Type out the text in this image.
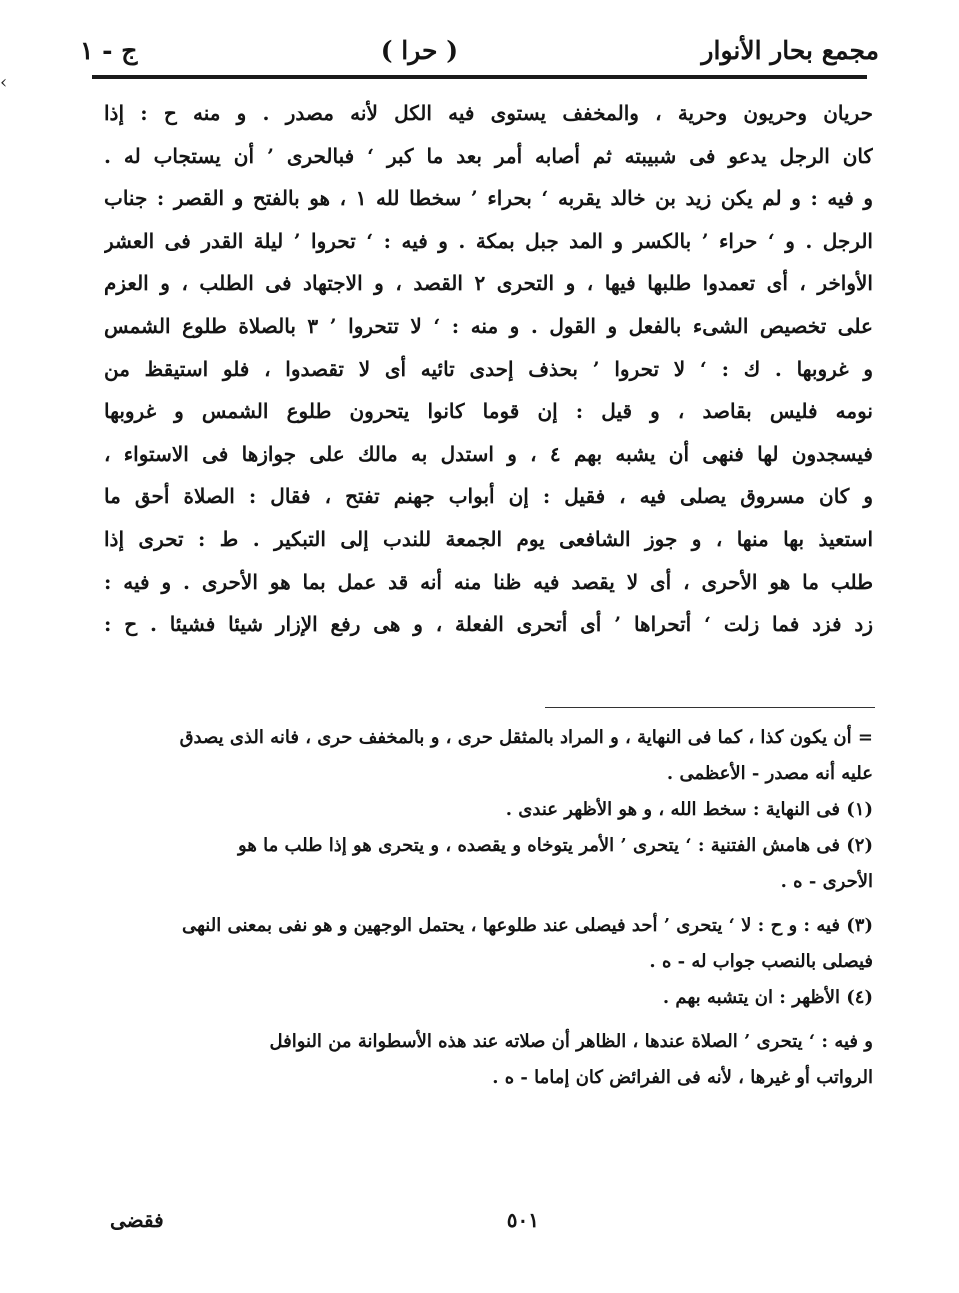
مجمع بحار الأنوار
( حرا )
ج - ١
‹
حريان وحريون وحرية ، والمخفف يستوى فيه الكل لأنه مصدر . و منه ح : إذا
كان الرجل يدعو فى شبيبته ثم أصابه أمر بعد ما كبر ‘ فبالحرى ’ أن يستجاب له .
و فيه : و لم يكن زيد بن خالد يقربه ‘ بحراء ’ سخطا لله ١ ، هو بالفتح و القصر : جناب
الرجل . و ‘ حراء ’ بالكسر و المد جبل بمكة . و فيه : ‘ تحروا ’ ليلة القدر فى العشر
الأواخر ، أى تعمدوا طلبها فيها ، و التحرى ٢ القصد ، و الاجتهاد فى الطلب ، و العزم
على تخصيص الشىء بالفعل و القول . و منه : ‘ لا تتحروا ’ ٣ بالصلاة طلوع الشمس
و غروبها . ك : ‘ لا تحروا ’ بحذف إحدى تائيه أى لا تقصدوا ، فلو استيقظ من
نومه فليس بقاصد ، و قيل : إن قوما كانوا يتحرون طلوع الشمس و غروبها
فيسجدون لها فنهى أن يشبه بهم ٤ ، و استدل به مالك على جوازها فى الاستواء ،
و كان مسروق يصلى فيه ، فقيل : إن أبواب جهنم تفتح ، فقال : الصلاة أحق ما
استعيذ بها منها ، و جوز الشافعى يوم الجمعة للندب إلى التبكير . ط : تحرى إذا
طلب ما هو الأحرى ، أى لا يقصد فيه ظنا منه أنه قد عمل بما هو الأحرى . و فيه :
زد فزد فما زلت ‘ أتحراها ’ أى أتحرى الفعلة ، و هى رفع الإزار شيئا فشيئا . ح :
= أن يكون كذا ، كما فى النهاية ، و المراد بالمثقل حرى ، و بالمخفف حرى ، فانه الذى يصدق
عليه أنه مصدر - الأعظمى .
(١) فى النهاية : سخط الله ، و هو الأظهر عندى .
(٢) فى هامش الفتنية : ‘ يتحرى ’ الأمر يتوخاه و يقصده ، و يتحرى هو إذا طلب ما هو
الأحرى - ه .
(٣) فيه : و ح : لا ‘ يتحرى ’ أحد فيصلى عند طلوعها ، يحتمل الوجهين و هو نفى بمعنى النهى
فيصلى بالنصب جواب له - ه .
(٤) الأظهر : ان يتشبه بهم .
و فيه : ‘ يتحرى ’ الصلاة عندها ، الظاهر أن صلاته عند هذه الأسطوانة من النوافل
الرواتب أو غيرها ، لأنه فى الفرائض كان إماما - ه .
فقضى	٥٠١
